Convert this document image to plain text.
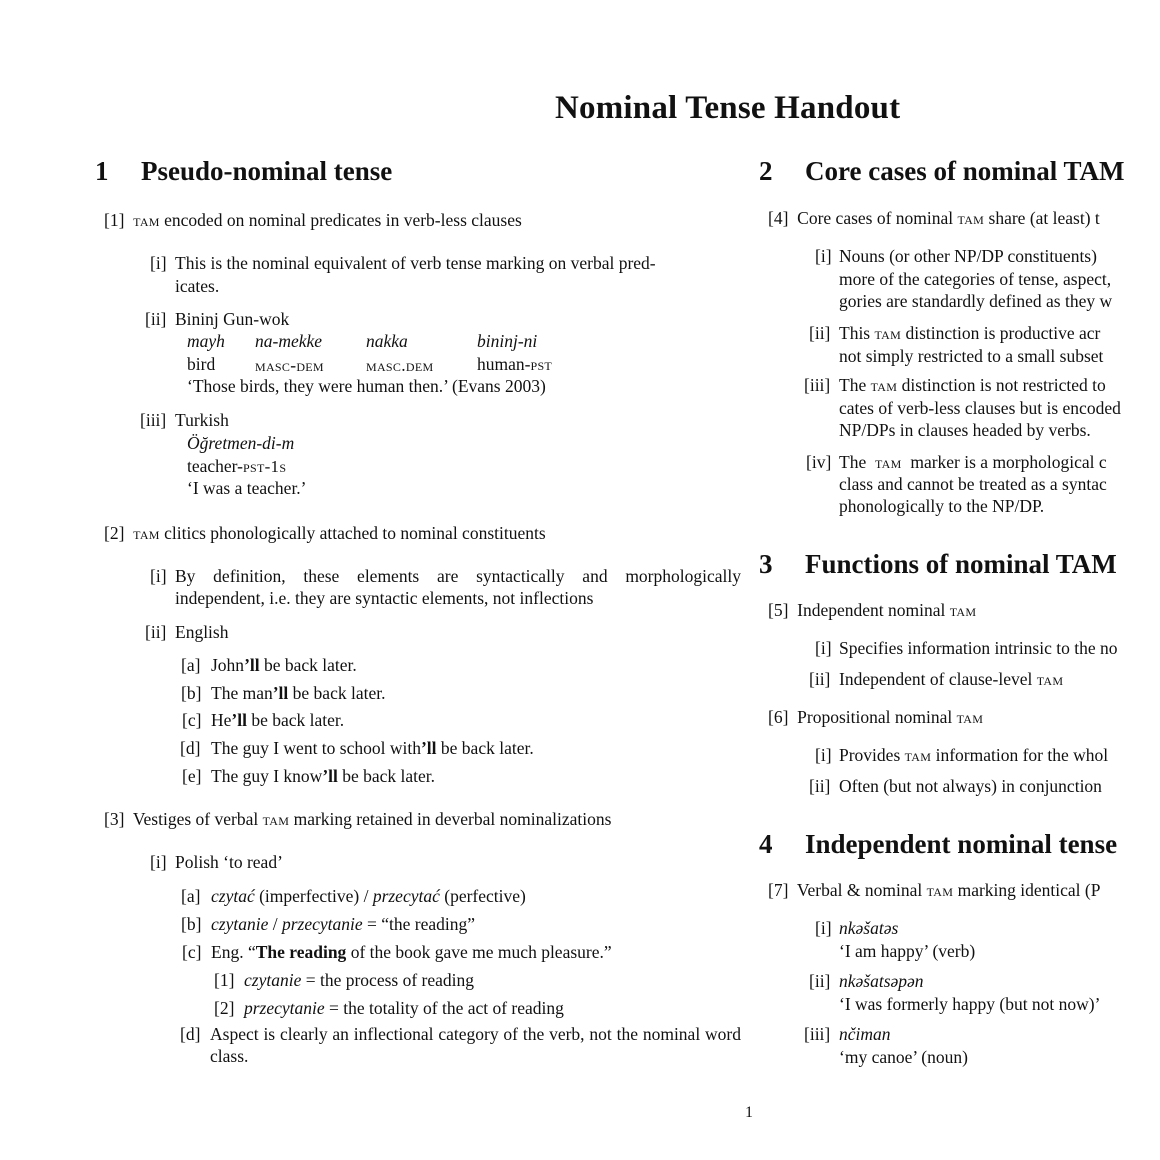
Nominal Tense Handout
1 Pseudo-nominal tense
[1] tam encoded on nominal predicates in verb-less clauses
[i] This is the nominal equivalent of verb tense marking on verbal pred-
icates.
[ii] Bininj Gun-wok
mayh na-mekke	nakka	bininj-ni
bird masc-dem masc.dem human-pst
‘Those birds, they were human then.’ (Evans 2003)
[iii] Turkish
Öğretmen-di-m
teacher-pst-1s
‘I was a teacher.’
[2] tam clitics phonologically attached to nominal constituents
[i] By definition, these elements are syntactically and morphologically independent, i.e. they are syntactic elements, not inflections
[ii] English
[a] John’ll be back later.
[b] The man’ll be back later.
[c] He’ll be back later.
[d] The guy I went to school with’ll be back later.
[e] The guy I know’ll be back later.
[3] Vestiges of verbal tam marking retained in deverbal nominalizations
[i] Polish ‘to read’
[a] czytać (imperfective) / przecytać (perfective)
[b] czytanie / przecytanie = “the reading”
[c] Eng. “The reading of the book gave me much pleasure.”
[1] czytanie = the process of reading
[2] przecytanie = the totality of the act of reading
[d] Aspect is clearly an inflectional category of the verb, not the nominal word class.
2 Core cases of nominal TAM
[4] Core cases of nominal tam share (at least) t
[i] Nouns (or other NP/DP constituents)
more of the categories of tense, aspect,
gories are standardly defined as they w
[ii] This tam distinction is productive acr
not simply restricted to a small subset
[iii] The tam distinction is not restricted to
cates of verb-less clauses but is encoded
NP/DPs in clauses headed by verbs.
[iv] The tam marker is a morphological c
class and cannot be treated as a syntac
phonologically to the NP/DP.
3 Functions of nominal TAM
[5] Independent nominal tam
[i] Specifies information intrinsic to the no
[ii] Independent of clause-level tam
[6] Propositional nominal tam
[i] Provides tam information for the whol
[ii] Often (but not always) in conjunction
4 Independent nominal tense
[7] Verbal & nominal tam marking identical (P
[i] nkəšatəs
‘I am happy’ (verb)
[ii] nkəšatsəpən
‘I was formerly happy (but not now)’
[iii] nčiman
‘my canoe’ (noun)
1
